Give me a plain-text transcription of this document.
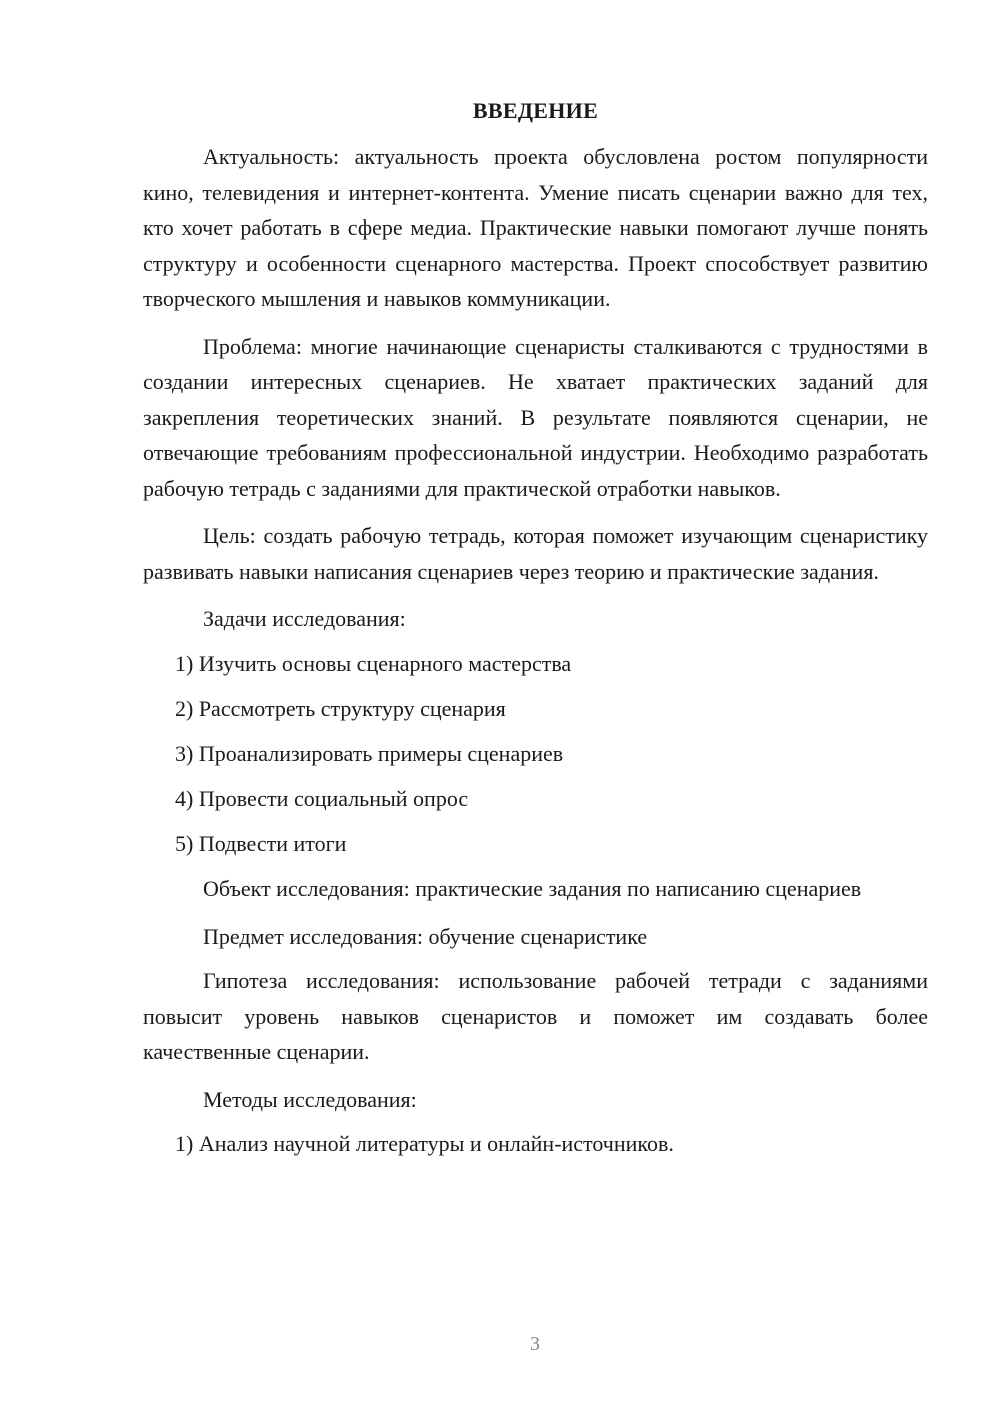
ВВЕДЕНИЕ

Актуальность: актуальность проекта обусловлена ростом популярности кино, телевидения и интернет-контента. Умение писать сценарии важно для тех, кто хочет работать в сфере медиа. Практические навыки помогают лучше понять структуру и особенности сценарного мастерства. Проект способствует развитию творческого мышления и навыков коммуникации.

Проблема: многие начинающие сценаристы сталкиваются с трудностями в создании интересных сценариев. Не хватает практических заданий для закрепления теоретических знаний. В результате появляются сценарии, не отвечающие требованиям профессиональной индустрии. Необходимо разработать рабочую тетрадь с заданиями для практической отработки навыков.

Цель: создать рабочую тетрадь, которая поможет изучающим сценаристику развивать навыки написания сценариев через теорию и практические задания.

Задачи исследования:

1) Изучить основы сценарного мастерства
2) Рассмотреть структуру сценария
3) Проанализировать примеры сценариев
4) Провести социальный опрос
5) Подвести итоги

Объект исследования: практические задания по написанию сценариев

Предмет исследования: обучение сценаристике

Гипотеза исследования: использование рабочей тетради с заданиями повысит уровень навыков сценаристов и поможет им создавать более качественные сценарии.

Методы исследования:

1) Анализ научной литературы и онлайн-источников.
3
